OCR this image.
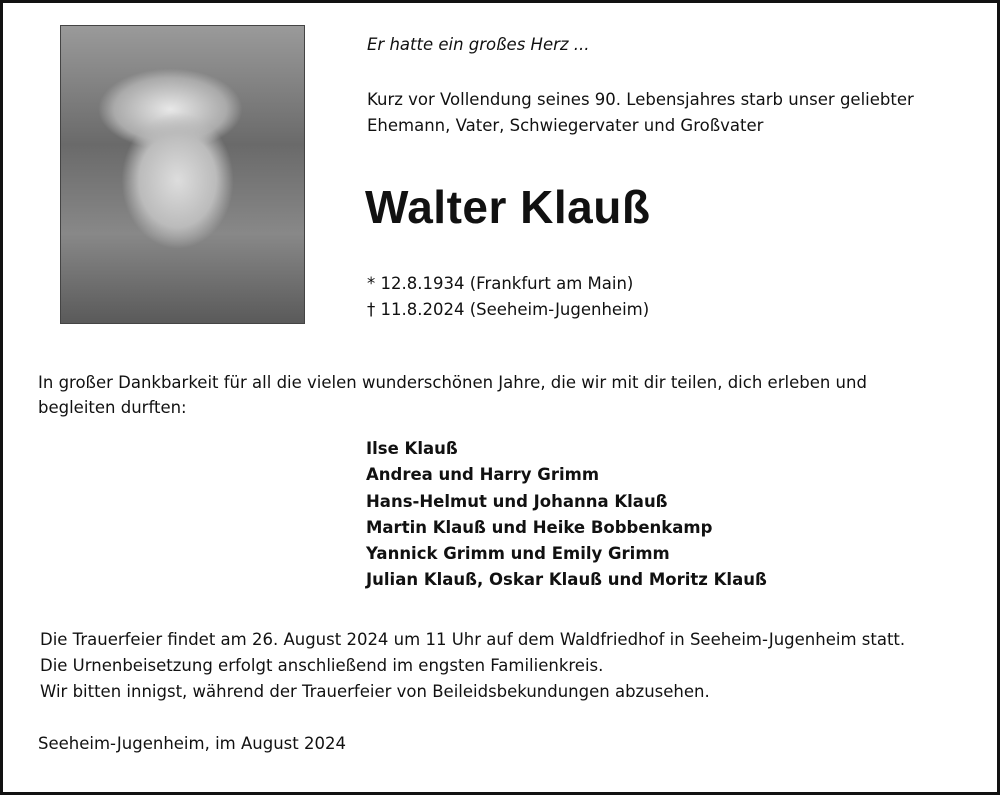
Er hatte ein großes Herz ...
Kurz vor Vollendung seines 90. Lebensjahres starb unser geliebter
Ehemann, Vater, Schwiegervater und Großvater
Walter Klauß
* 12.8.1934 (Frankfurt am Main)
† 11.8.2024 (Seeheim-Jugenheim)
In großer Dankbarkeit für all die vielen wunderschönen Jahre, die wir mit dir teilen, dich erleben und
begleiten durften:
Ilse Klauß
Andrea und Harry Grimm
Hans-Helmut und Johanna Klauß
Martin Klauß und Heike Bobbenkamp
Yannick Grimm und Emily Grimm
Julian Klauß, Oskar Klauß und Moritz Klauß
Die Trauerfeier findet am 26. August 2024 um 11 Uhr auf dem Waldfriedhof in Seeheim-Jugenheim statt.
Die Urnenbeisetzung erfolgt anschließend im engsten Familienkreis.
Wir bitten innigst, während der Trauerfeier von Beileidsbekundungen abzusehen.
Seeheim-Jugenheim, im August 2024
